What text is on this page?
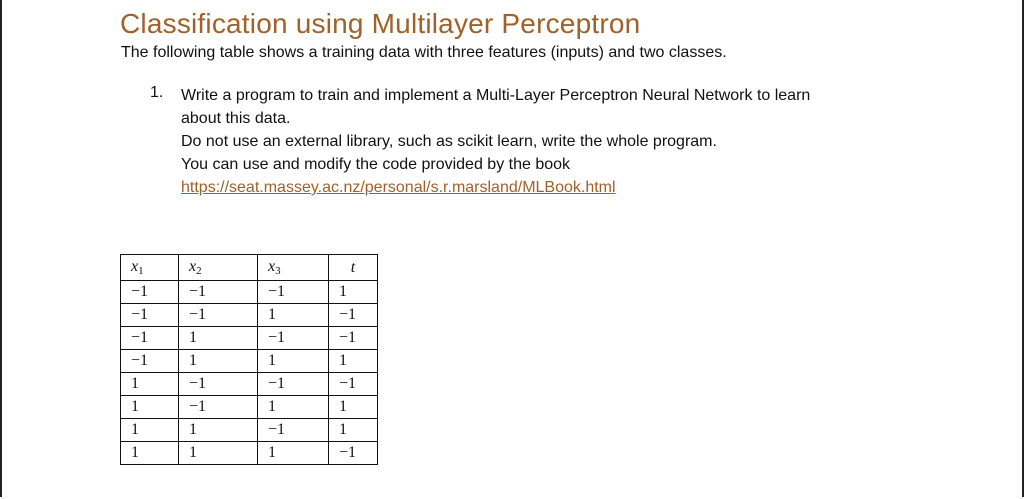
Classification using Multilayer Perceptron
The following table shows a training data with three features (inputs) and two classes.
1. Write a program to train and implement a Multi-Layer Perceptron Neural Network to learn
about this data.
Do not use an external library, such as scikit learn, write the whole program.
You can use and modify the code provided by the book
https://seat.massey.ac.nz/personal/s.r.marsland/MLBook.html
$x_1$	$x_2$	$x_3$	t
−1	−1	−1	1
−1	−1	1	−1
−1	1	−1	−1
−1	1	1	1
1	−1	−1	−1
1	−1	1	1
1	1	−1	1
1	1	1	−1
